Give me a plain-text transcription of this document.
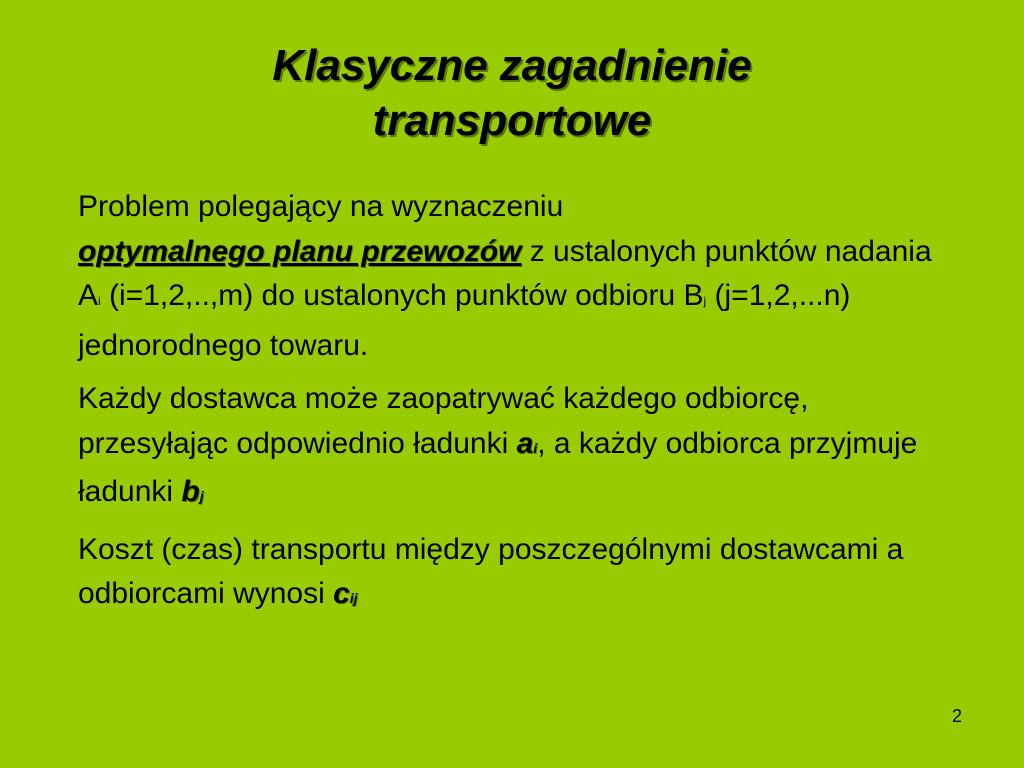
Klasyczne zagadnienie
transportowe

Problem polegający na wyznaczeniu
optymalnego planu przewozów z ustalonych punktów nadania Ai (i=1,2,..,m) do ustalonych punktów odbioru Bj (j=1,2,...n) jednorodnego towaru.

Każdy dostawca może zaopatrywać każdego odbiorcę, przesyłając odpowiednio ładunki ai, a każdy odbiorca przyjmuje ładunki bj

Koszt (czas) transportu między poszczególnymi dostawcami a odbiorcami wynosi cij

2
